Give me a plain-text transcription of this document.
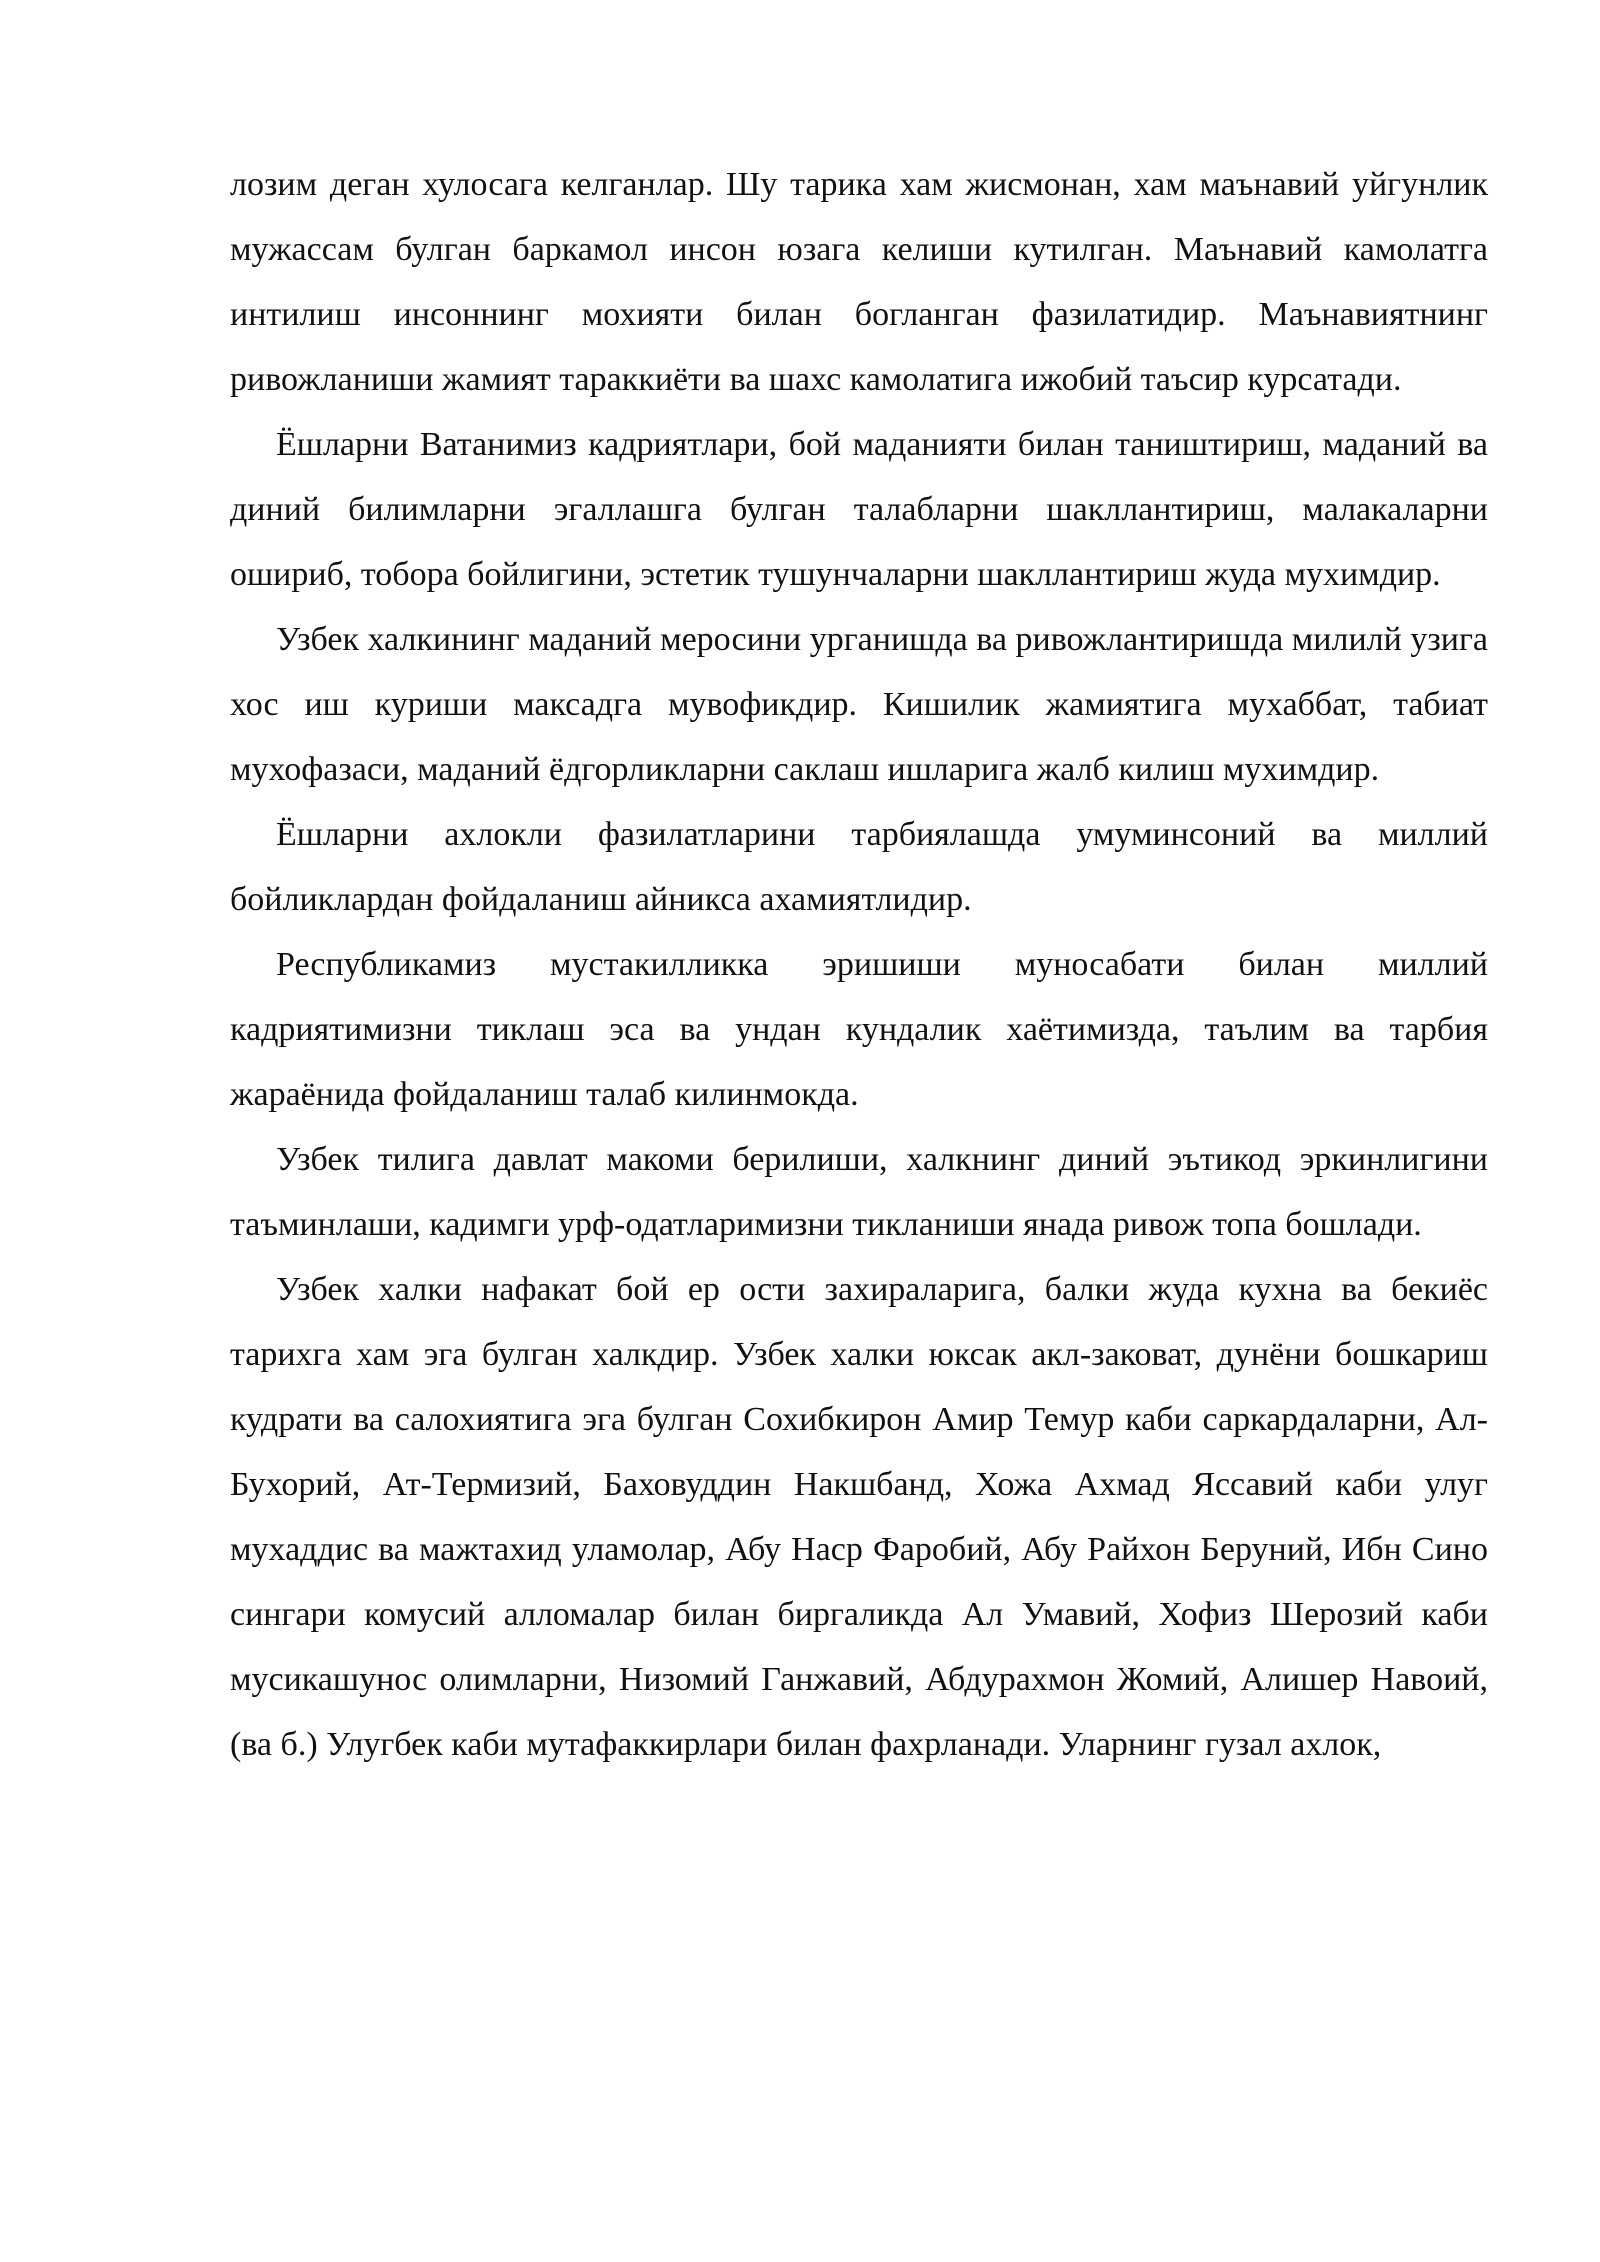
лозим деган хулосага келганлар. Шу тарика хам жисмонан, хам маънавий уйгунлик мужассам булган баркамол инсон юзага келиши кутилган. Маънавий камолатга интилиш инсоннинг мохияти билан богланган фазилатидир. Маънавиятнинг ривожланиши жамият тараккиёти ва шахс камолатига ижобий таъсир курсатади.

Ёшларни Ватанимиз кадриятлари, бой маданияти билан таништириш, маданий ва диний билимларни эгаллашга булган талабларни шакллантириш, малакаларни ошириб, тобора бойлигини, эстетик тушунчаларни шакллантириш жуда мухимдир.

Узбек халкининг маданий меросини урганишда ва ривожлантиришда милилй узига хос иш куриши максадга мувофикдир. Кишилик жамиятига мухаббат, табиат мухофазаси, маданий ёдгорликларни саклаш ишларига жалб килиш мухимдир.

Ёшларни ахлокли фазилатларини тарбиялашда умуминсоний ва миллий бойликлардан фойдаланиш айникса ахамиятлидир.

Республикамиз мустакилликка эришиши муносабати билан миллий кадриятимизни тиклаш эса ва ундан кундалик хаётимизда, таълим ва тарбия жараёнида фойдаланиш талаб килинмокда.

Узбек тилига давлат макоми берилиши, халкнинг диний эътикод эркинлигини таъминлаши, кадимги урф-одатларимизни тикланиши янада ривож топа бошлади.

Узбек халки нафакат бой ер ости захираларига, балки жуда кухна ва бекиёс тарихга хам эга булган халкдир. Узбек халки юксак акл-заковат, дунёни бошкариш кудрати ва салохиятига эга булган Сохибкирон Амир Темур каби саркардаларни, Ал-Бухорий, Ат-Термизий, Баховуддин Накшбанд, Хожа Ахмад Яссавий каби улуг мухаддис ва мажтахид уламолар, Абу Наср Фаробий, Абу Райхон Беруний, Ибн Сино сингари комусий алломалар билан биргаликда Ал Умавий, Хофиз Шерозий каби мусикашунос олимларни, Низомий Ганжавий, Абдурахмон Жомий, Алишер Навоий, (ва б.) Улугбек каби мутафаккирлари билан фахрланади. Уларнинг гузал ахлок,
